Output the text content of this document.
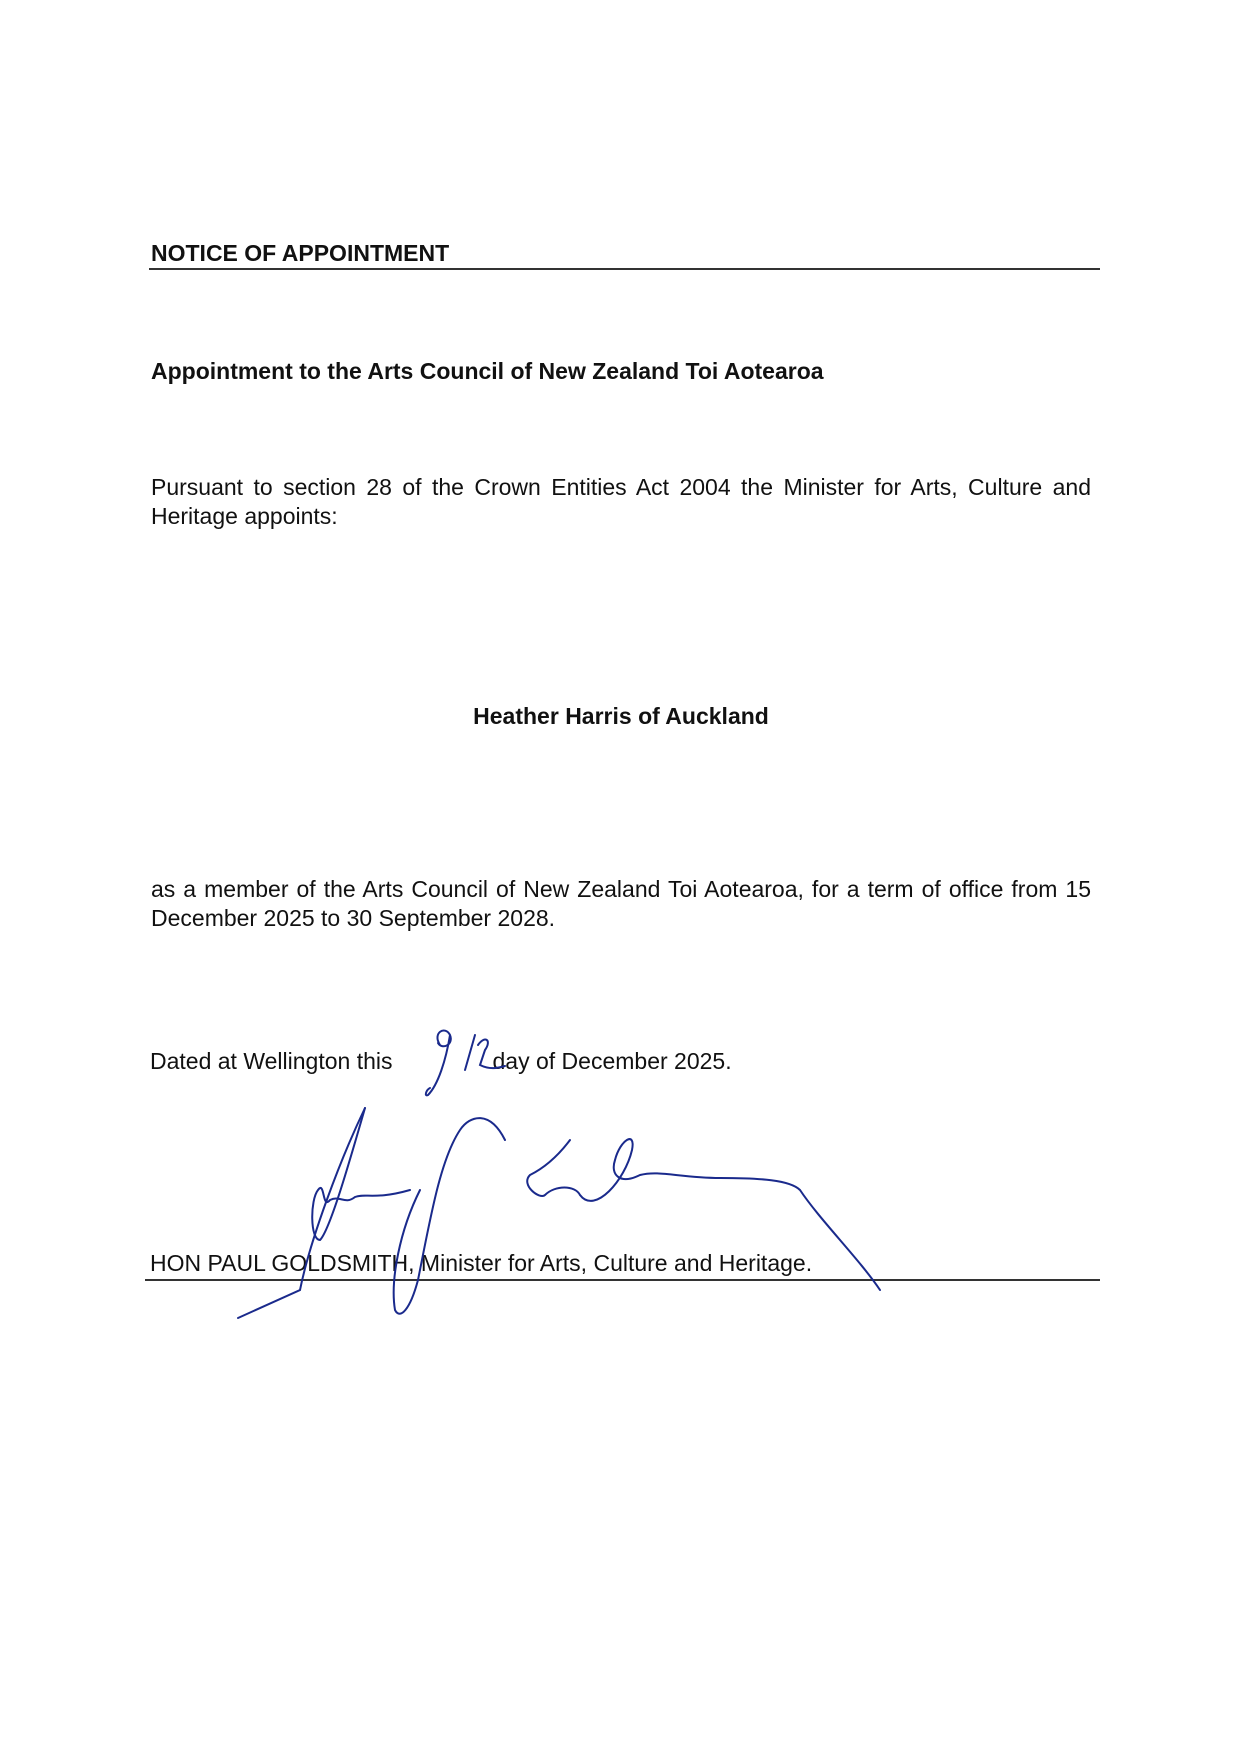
NOTICE OF APPOINTMENT
Appointment to the Arts Council of New Zealand Toi Aotearoa
Pursuant to section 28 of the Crown Entities Act 2004 the Minister for Arts, Culture and Heritage appoints:
Heather Harris of Auckland
as a member of the Arts Council of New Zealand Toi Aotearoa, for a term of office from 15 December 2025 to 30 September 2028.
Dated at Wellington this	day of December 2025.
HON PAUL GOLDSMITH, Minister for Arts, Culture and Heritage.
